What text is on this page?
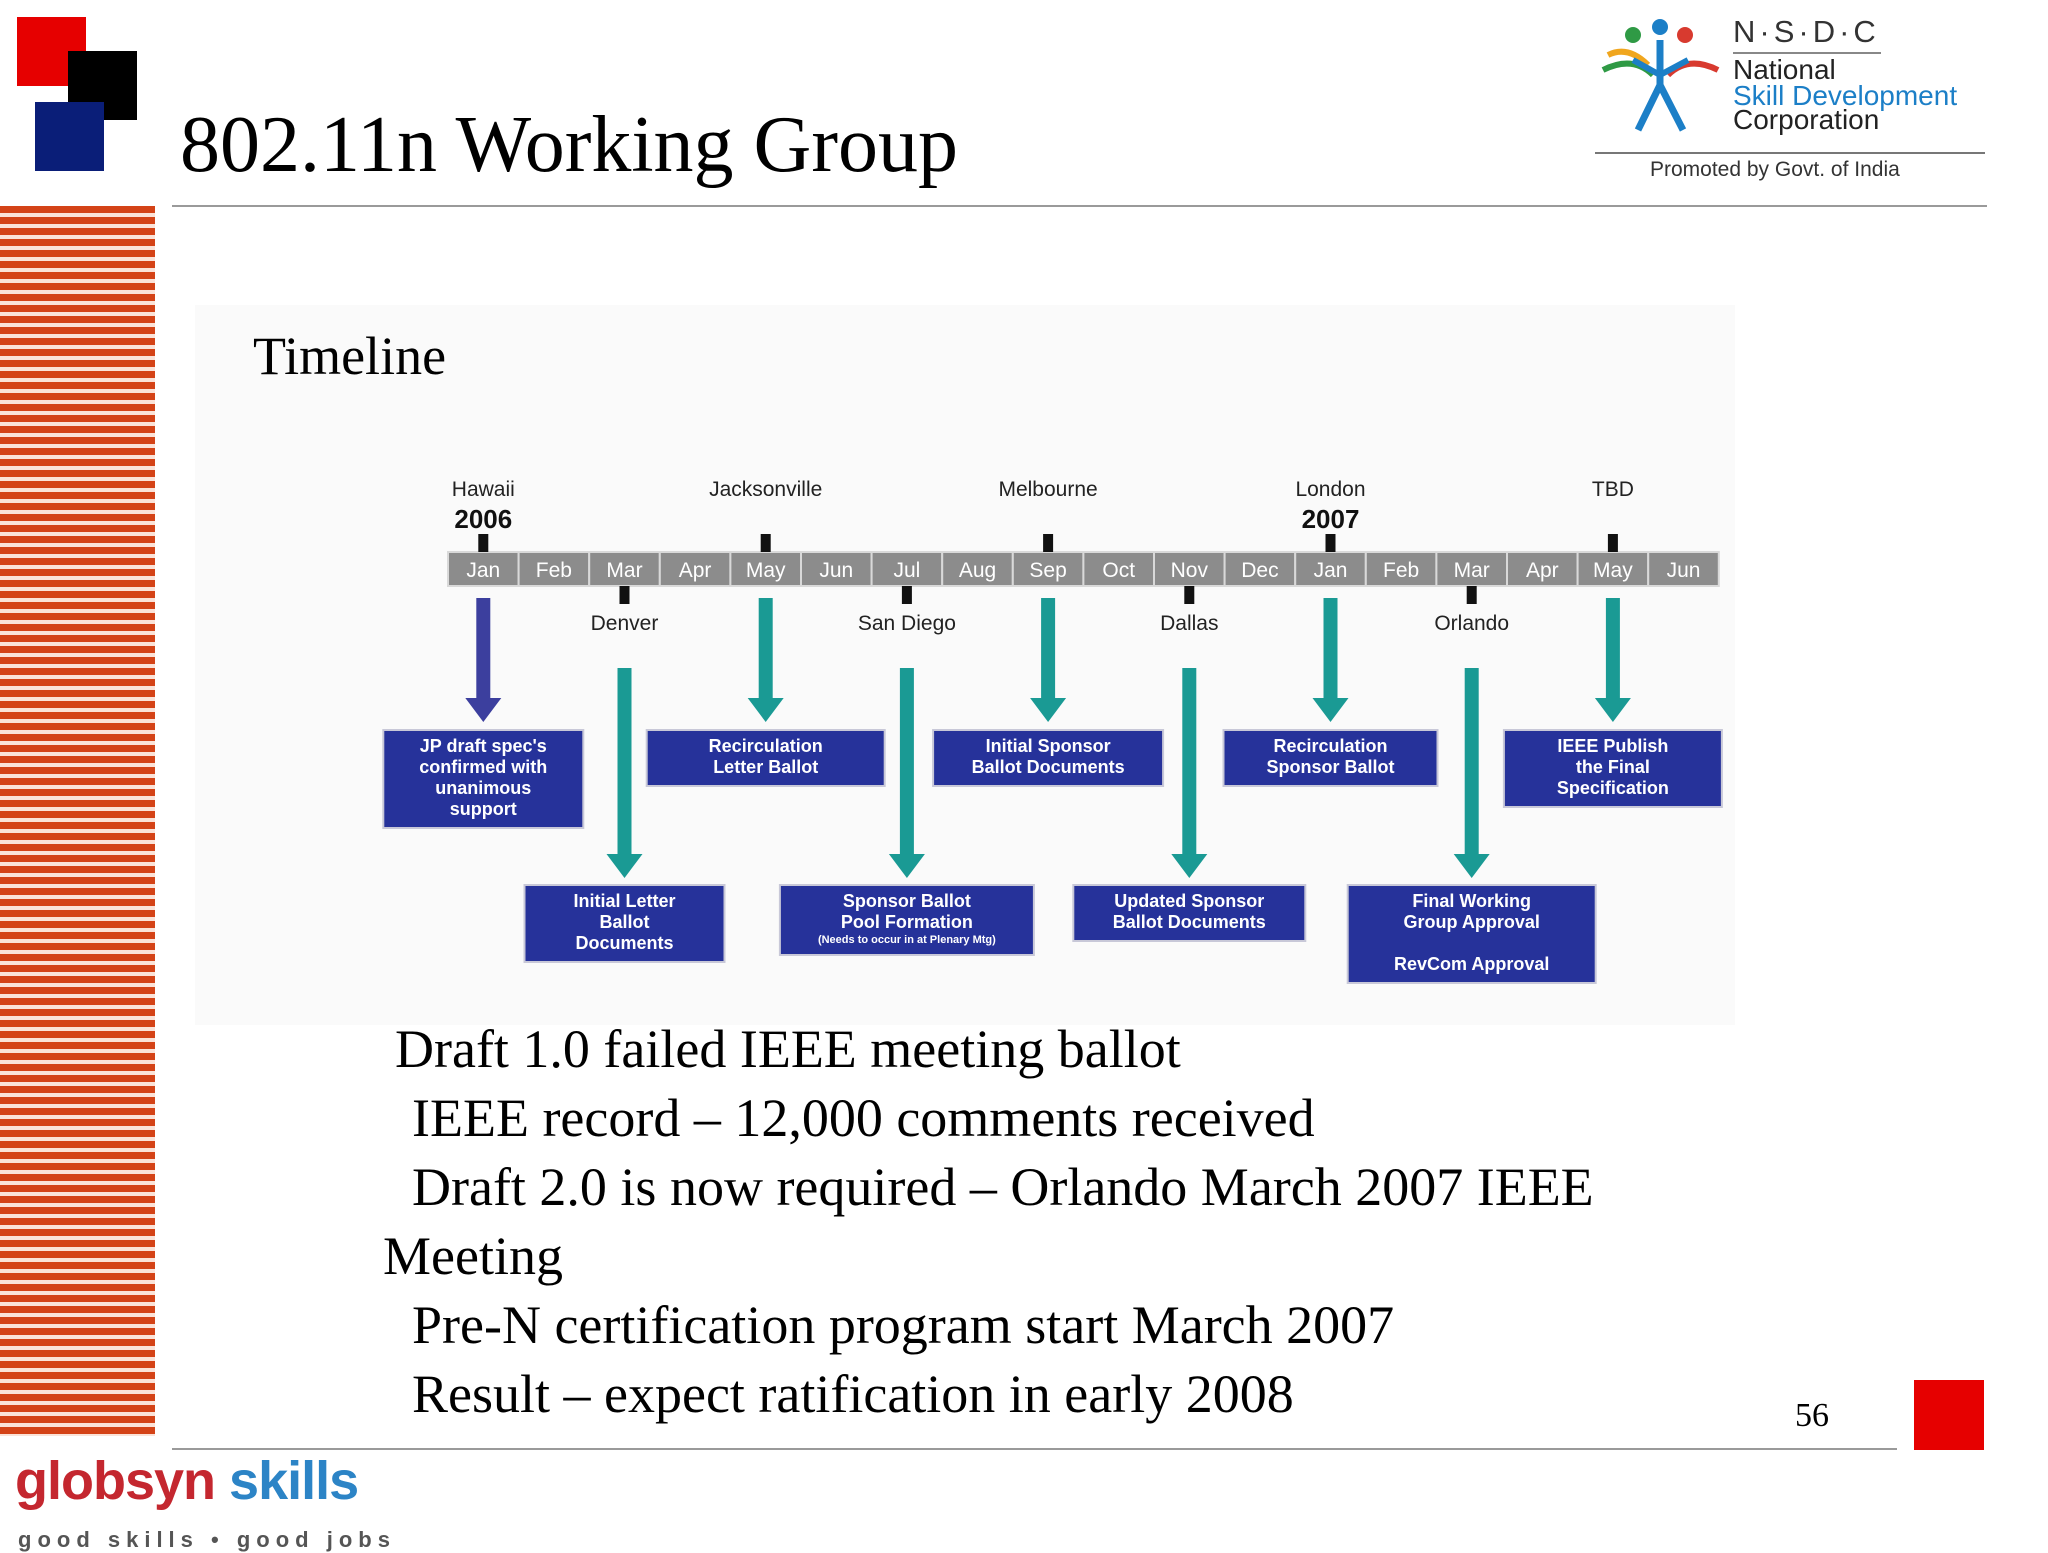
802.11n Working Group
N·S·D·C
National
Skill Development
Corporation
Promoted by Govt. of India
Timeline
Jan Feb Mar Apr May Jun Jul Aug Sep Oct Nov Dec Jan Feb Mar Apr May Jun
Hawaii	Jacksonville	Melbourne	London	TBD
2006	2007
Denver	San Diego	Dallas	Orlando
JP draft spec's
confirmed with
unanimous
support
Recirculation
Letter Ballot
Initial Sponsor
Ballot Documents
Recirculation
Sponsor Ballot
IEEE Publish
the Final
Specification
Initial Letter
Ballot
Documents
Sponsor Ballot
Pool Formation
(Needs to occur in at Plenary Mtg)
Updated Sponsor
Ballot Documents
Final Working
Group Approval
RevCom Approval
Draft 1.0 failed IEEE meeting ballot
IEEE record – 12,000 comments received
Draft 2.0 is now required – Orlando March 2007 IEEE
Meeting
Pre-N certification program start March 2007
Result – expect ratification in early 2008	56
globsyn skills
good skills • good jobs
